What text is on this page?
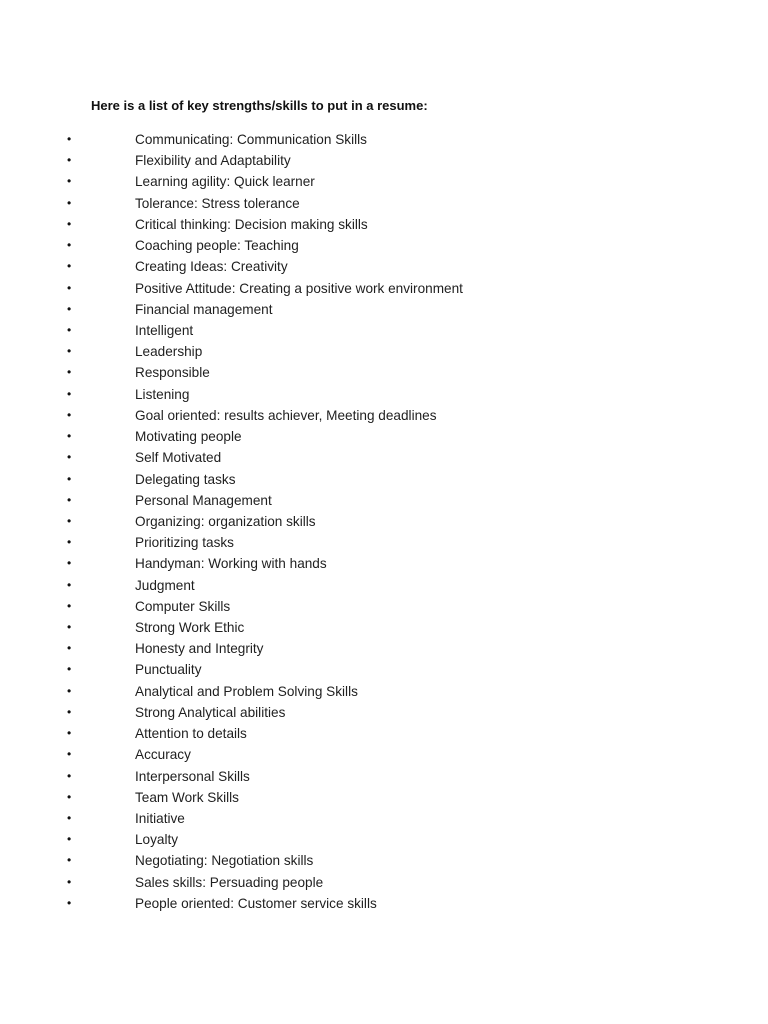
Here is a list of key strengths/skills to put in a resume:

•	Communicating: Communication Skills
•	Flexibility and Adaptability
•	Learning agility: Quick learner
•	Tolerance: Stress tolerance
•	Critical thinking: Decision making skills
•	Coaching people: Teaching
•	Creating Ideas: Creativity
•	Positive Attitude: Creating a positive work environment
•	Financial management
•	Intelligent
•	Leadership
•	Responsible
•	Listening
•	Goal oriented: results achiever, Meeting deadlines
•	Motivating people
•	Self Motivated
•	Delegating tasks
•	Personal Management
•	Organizing: organization skills
•	Prioritizing tasks
•	Handyman: Working with hands
•	Judgment
•	Computer Skills
•	Strong Work Ethic
•	Honesty and Integrity
•	Punctuality
•	Analytical and Problem Solving Skills
•	Strong Analytical abilities
•	Attention to details
•	Accuracy
•	Interpersonal Skills
•	Team Work Skills
•	Initiative
•	Loyalty
•	Negotiating: Negotiation skills
•	Sales skills: Persuading people
•	People oriented: Customer service skills
